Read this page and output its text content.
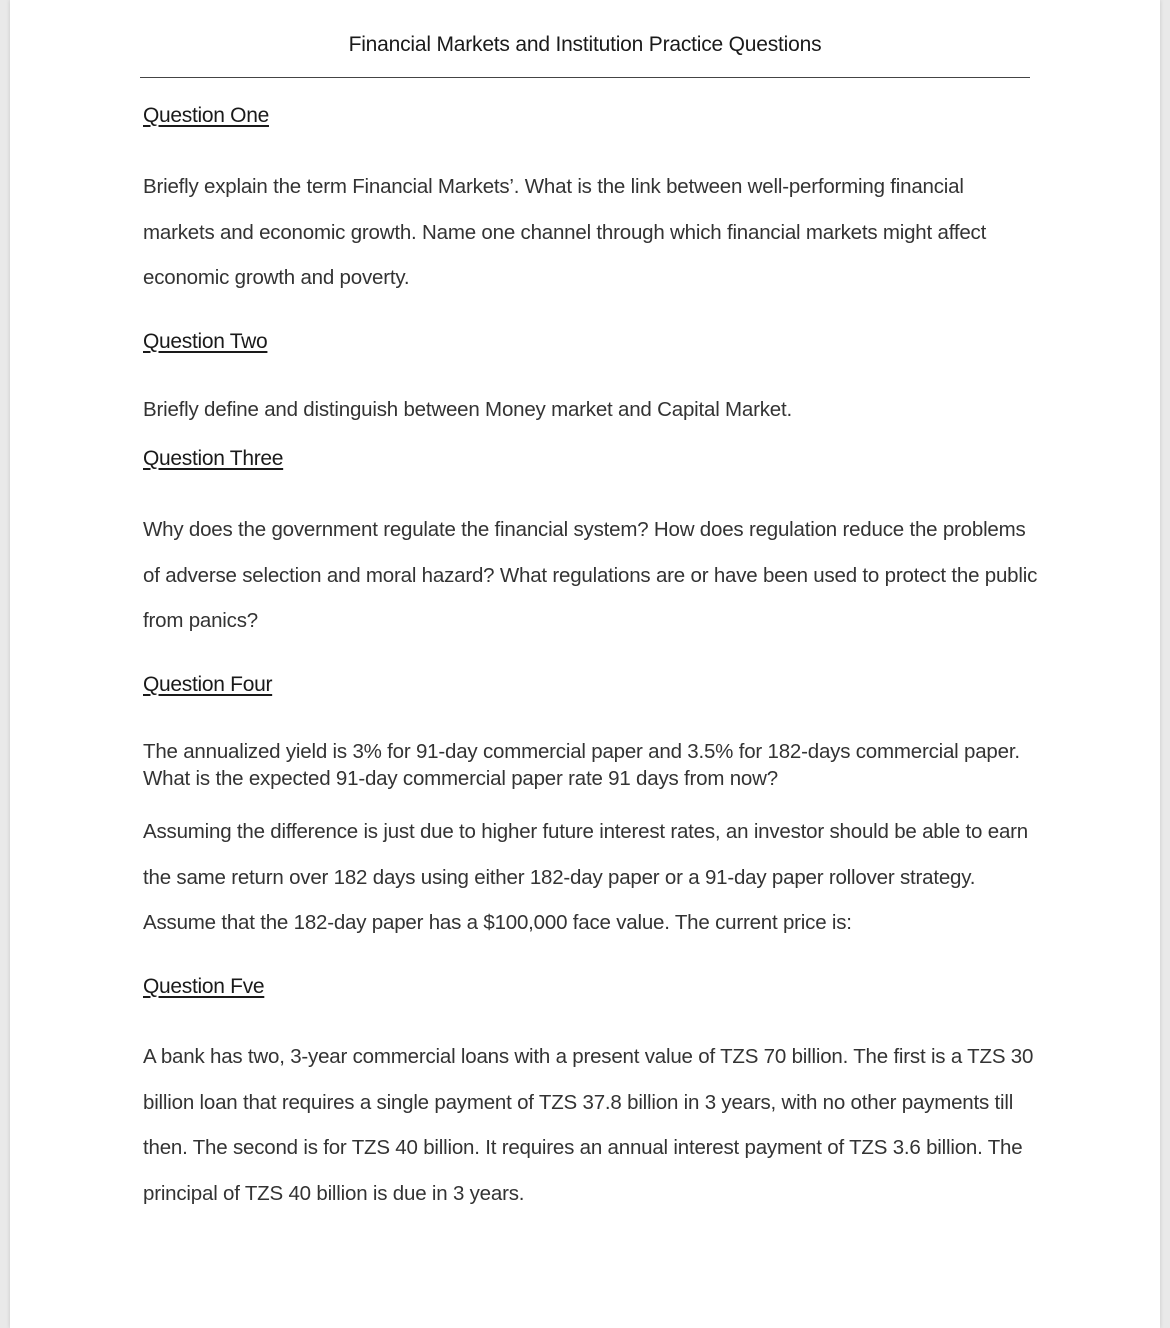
Financial Markets and Institution Practice Questions
Question One
Briefly explain the term Financial Markets’. What is the link between well-performing financial markets and economic growth. Name one channel through which financial markets might affect economic growth and poverty.
Question Two
Briefly define and distinguish between Money market and Capital Market.
Question Three
Why does the government regulate the financial system? How does regulation reduce the problems of adverse selection and moral hazard? What regulations are or have been used to protect the public from panics?
Question Four
The annualized yield is 3% for 91-day commercial paper and 3.5% for 182-days commercial paper. What is the expected 91-day commercial paper rate 91 days from now?
Assuming the difference is just due to higher future interest rates, an investor should be able to earn the same return over 182 days using either 182-day paper or a 91-day paper rollover strategy. Assume that the 182-day paper has a $100,000 face value. The current price is:
Question Fve
A bank has two, 3-year commercial loans with a present value of TZS 70 billion. The first is a TZS 30 billion loan that requires a single payment of TZS 37.8 billion in 3 years, with no other payments till then. The second is for TZS 40 billion. It requires an annual interest payment of TZS 3.6 billion. The principal of TZS 40 billion is due in 3 years.
